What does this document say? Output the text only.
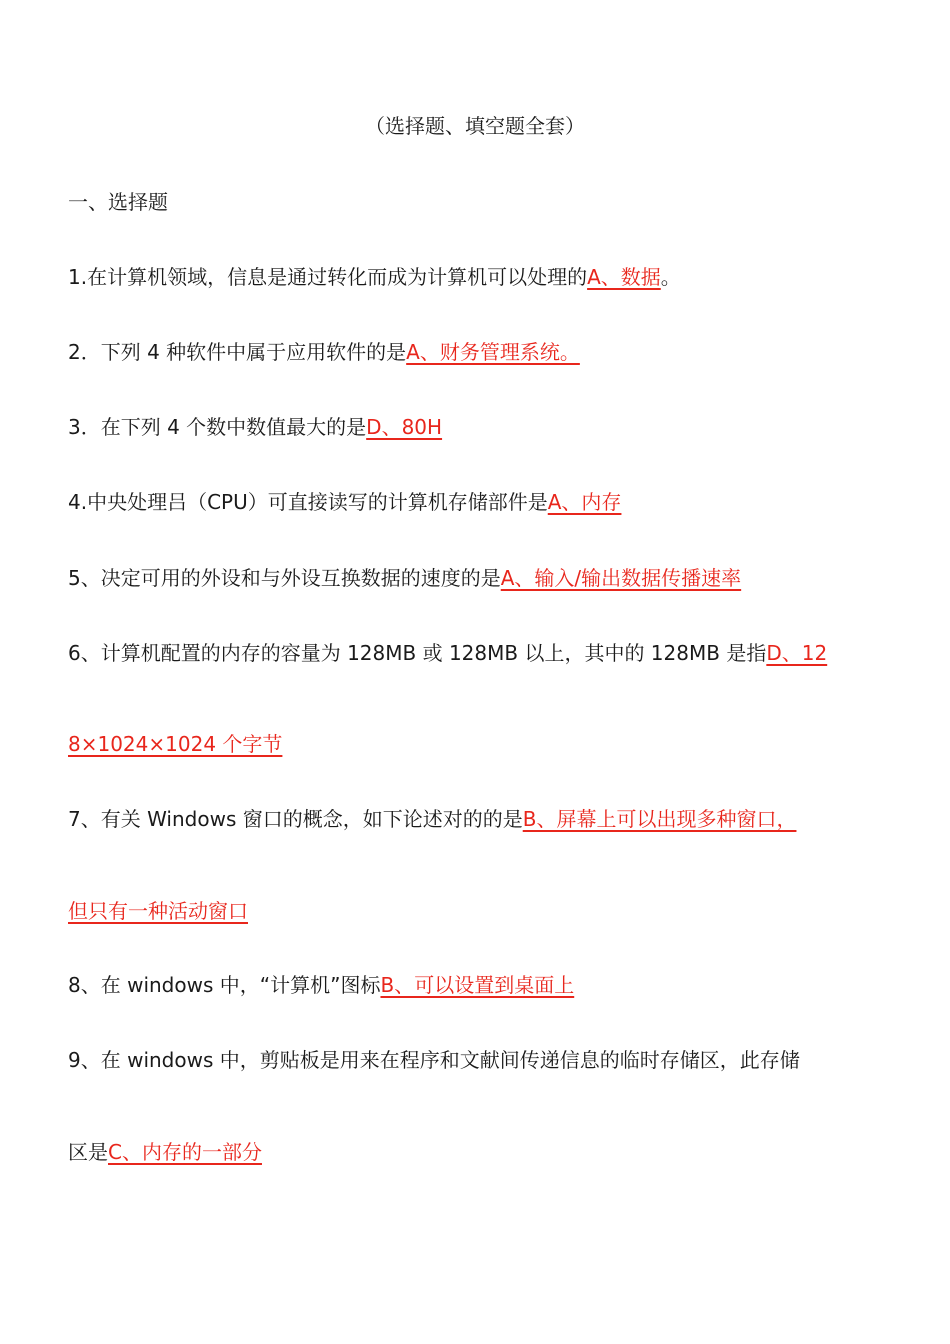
（选择题、填空题全套）
一、选择题
1.在计算机领域，信息是通过转化而成为计算机可以处理的A、数据。
2．下列 4 种软件中属于应用软件的是A、财务管理系统。
3．在下列 4 个数中数值最大的是D、80H
4.中央处理吕（CPU）可直接读写的计算机存储部件是A、内存
5、决定可用的外设和与外设互换数据的速度的是A、输入/输出数据传播速率
6、计算机配置的内存的容量为 128MB 或 128MB 以上，其中的 128MB 是指D、12
8×1024×1024 个字节
7、有关 Windows 窗口的概念，如下论述对的的是B、屏幕上可以出现多种窗口，
但只有一种活动窗口
8、在 windows 中，“计算机”图标B、可以设置到桌面上
9、在 windows 中，剪贴板是用来在程序和文献间传递信息的临时存储区，此存储
区是C、内存的一部分
